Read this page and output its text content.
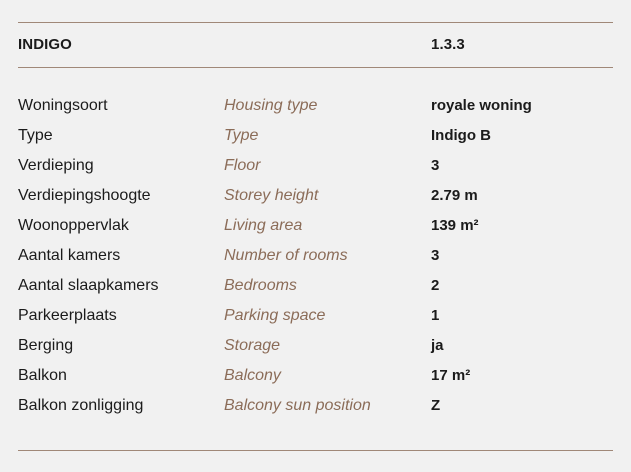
INDIGO	1.3.3
Woningsoort	Housing type	royale woning
Type	Type	Indigo B
Verdieping	Floor	3
Verdiepingshoogte	Storey height	2.79 m
Woonoppervlak	Living area	139 m²
Aantal kamers	Number of rooms	3
Aantal slaapkamers	Bedrooms	2
Parkeerplaats	Parking space	1
Berging	Storage	ja
Balkon	Balcony	17 m²
Balkon zonligging	Balcony sun position	Z
